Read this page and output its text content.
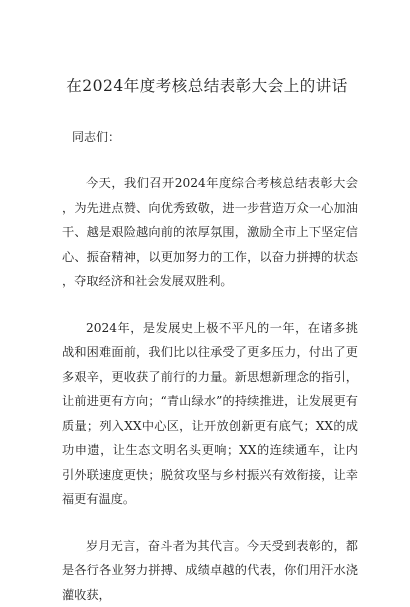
在2024年度考核总结表彰大会上的讲话
同志们：

今天，我们召开2024年度综合考核总结表彰大会，为先进点赞、向优秀致敬，进一步营造万众一心加油干、越是艰险越向前的浓厚氛围，激励全市上下坚定信心、振奋精神，以更加努力的工作，以奋力拼搏的状态，夺取经济和社会发展双胜利。

2024年，是发展史上极不平凡的一年，在诸多挑战和困难面前，我们比以往承受了更多压力，付出了更多艰辛，更收获了前行的力量。新思想新理念的指引，让前进更有方向；“青山绿水”的持续推进，让发展更有质量；列入XX中心区，让开放创新更有底气；XX的成功申遗，让生态文明名头更响；XX的连续通车，让内引外联速度更快；脱贫攻坚与乡村振兴有效衔接，让幸福更有温度。

岁月无言，奋斗者为其代言。今天受到表彰的，都是各行各业努力拼搏、成绩卓越的代表，你们用汗水浇灌收获，
